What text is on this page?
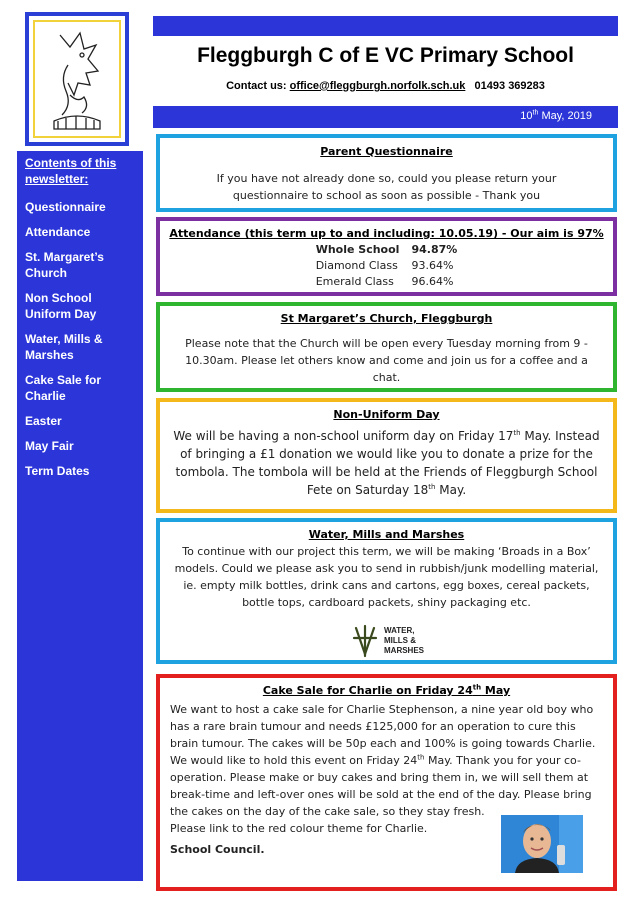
Contents of this newsletter:
Questionnaire
Attendance
St. Margaret’s Church
Non School Uniform Day
Water, Mills & Marshes
Cake Sale for Charlie
Easter
May Fair
Term Dates
Fleggburgh C of E VC Primary School
Contact us: office@fleggburgh.norfolk.sch.uk 01493 369283
10th May, 2019
Parent Questionnaire

If you have not already done so, could you please return your questionnaire to school as soon as possible - Thank you

Attendance (this term up to and including: 10.05.19) - Our aim is 97%
Whole School	94.87%
Diamond Class	93.64%
Emerald Class	96.64%
St Margaret’s Church, Fleggburgh

Please note that the Church will be open every Tuesday morning from 9 - 10.30am. Please let others know and come and join us for a coffee and a chat.

Non-Uniform Day

We will be having a non-school uniform day on Friday 17th May. Instead of bringing a £1 donation we would like you to donate a prize for the tombola. The tombola will be held at the Friends of Fleggburgh School Fete on Saturday 18th May.

Water, Mills and Marshes

To continue with our project this term, we will be making ‘Broads in a Box’ models. Could we please ask you to send in rubbish/junk modelling material, ie. empty milk bottles, drink cans and cartons, egg boxes, cereal packets, bottle tops, cardboard packets, shiny packaging etc.

WATER,
MILLS &
MARSHES
Cake Sale for Charlie on Friday 24th May

We want to host a cake sale for Charlie Stephenson, a nine year old boy who has a rare brain tumour and needs £125,000 for an operation to cure this brain tumour. The cakes will be 50p each and 100% is going towards Charlie. We would like to hold this event on Friday 24th May. Thank you for your co-operation. Please make or buy cakes and bring them in, we will sell them at break-time and left-over ones will be sold at the end of the day. Please bring the cakes on the day of the cake sale, so they stay fresh.

Please link to the red colour theme for Charlie.

School Council.
